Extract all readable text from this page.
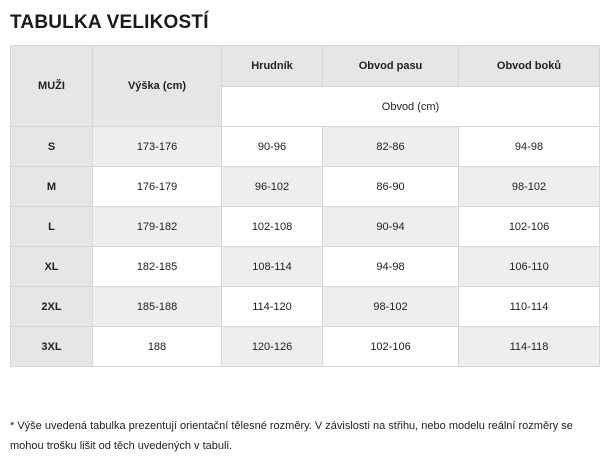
TABULKA VELIKOSTÍ
MUŽI	Výška (cm)	Hrudník	Obvod pasu	Obvod boků
		Obvod (cm)		
S	173-176	90-96	82-86	94-98
M	176-179	96-102	86-90	98-102
L	179-182	102-108	90-94	102-106
XL	182-185	108-114	94-98	106-110
2XL	185-188	114-120	98-102	110-114
3XL	188	120-126	102-106	114-118

* Výše uvedená tabulka prezentují orientační tělesné rozměry. V závislosti na střihu, nebo modelu reální rozměry se mohou trošku lišit od těch uvedených v tabuli.
